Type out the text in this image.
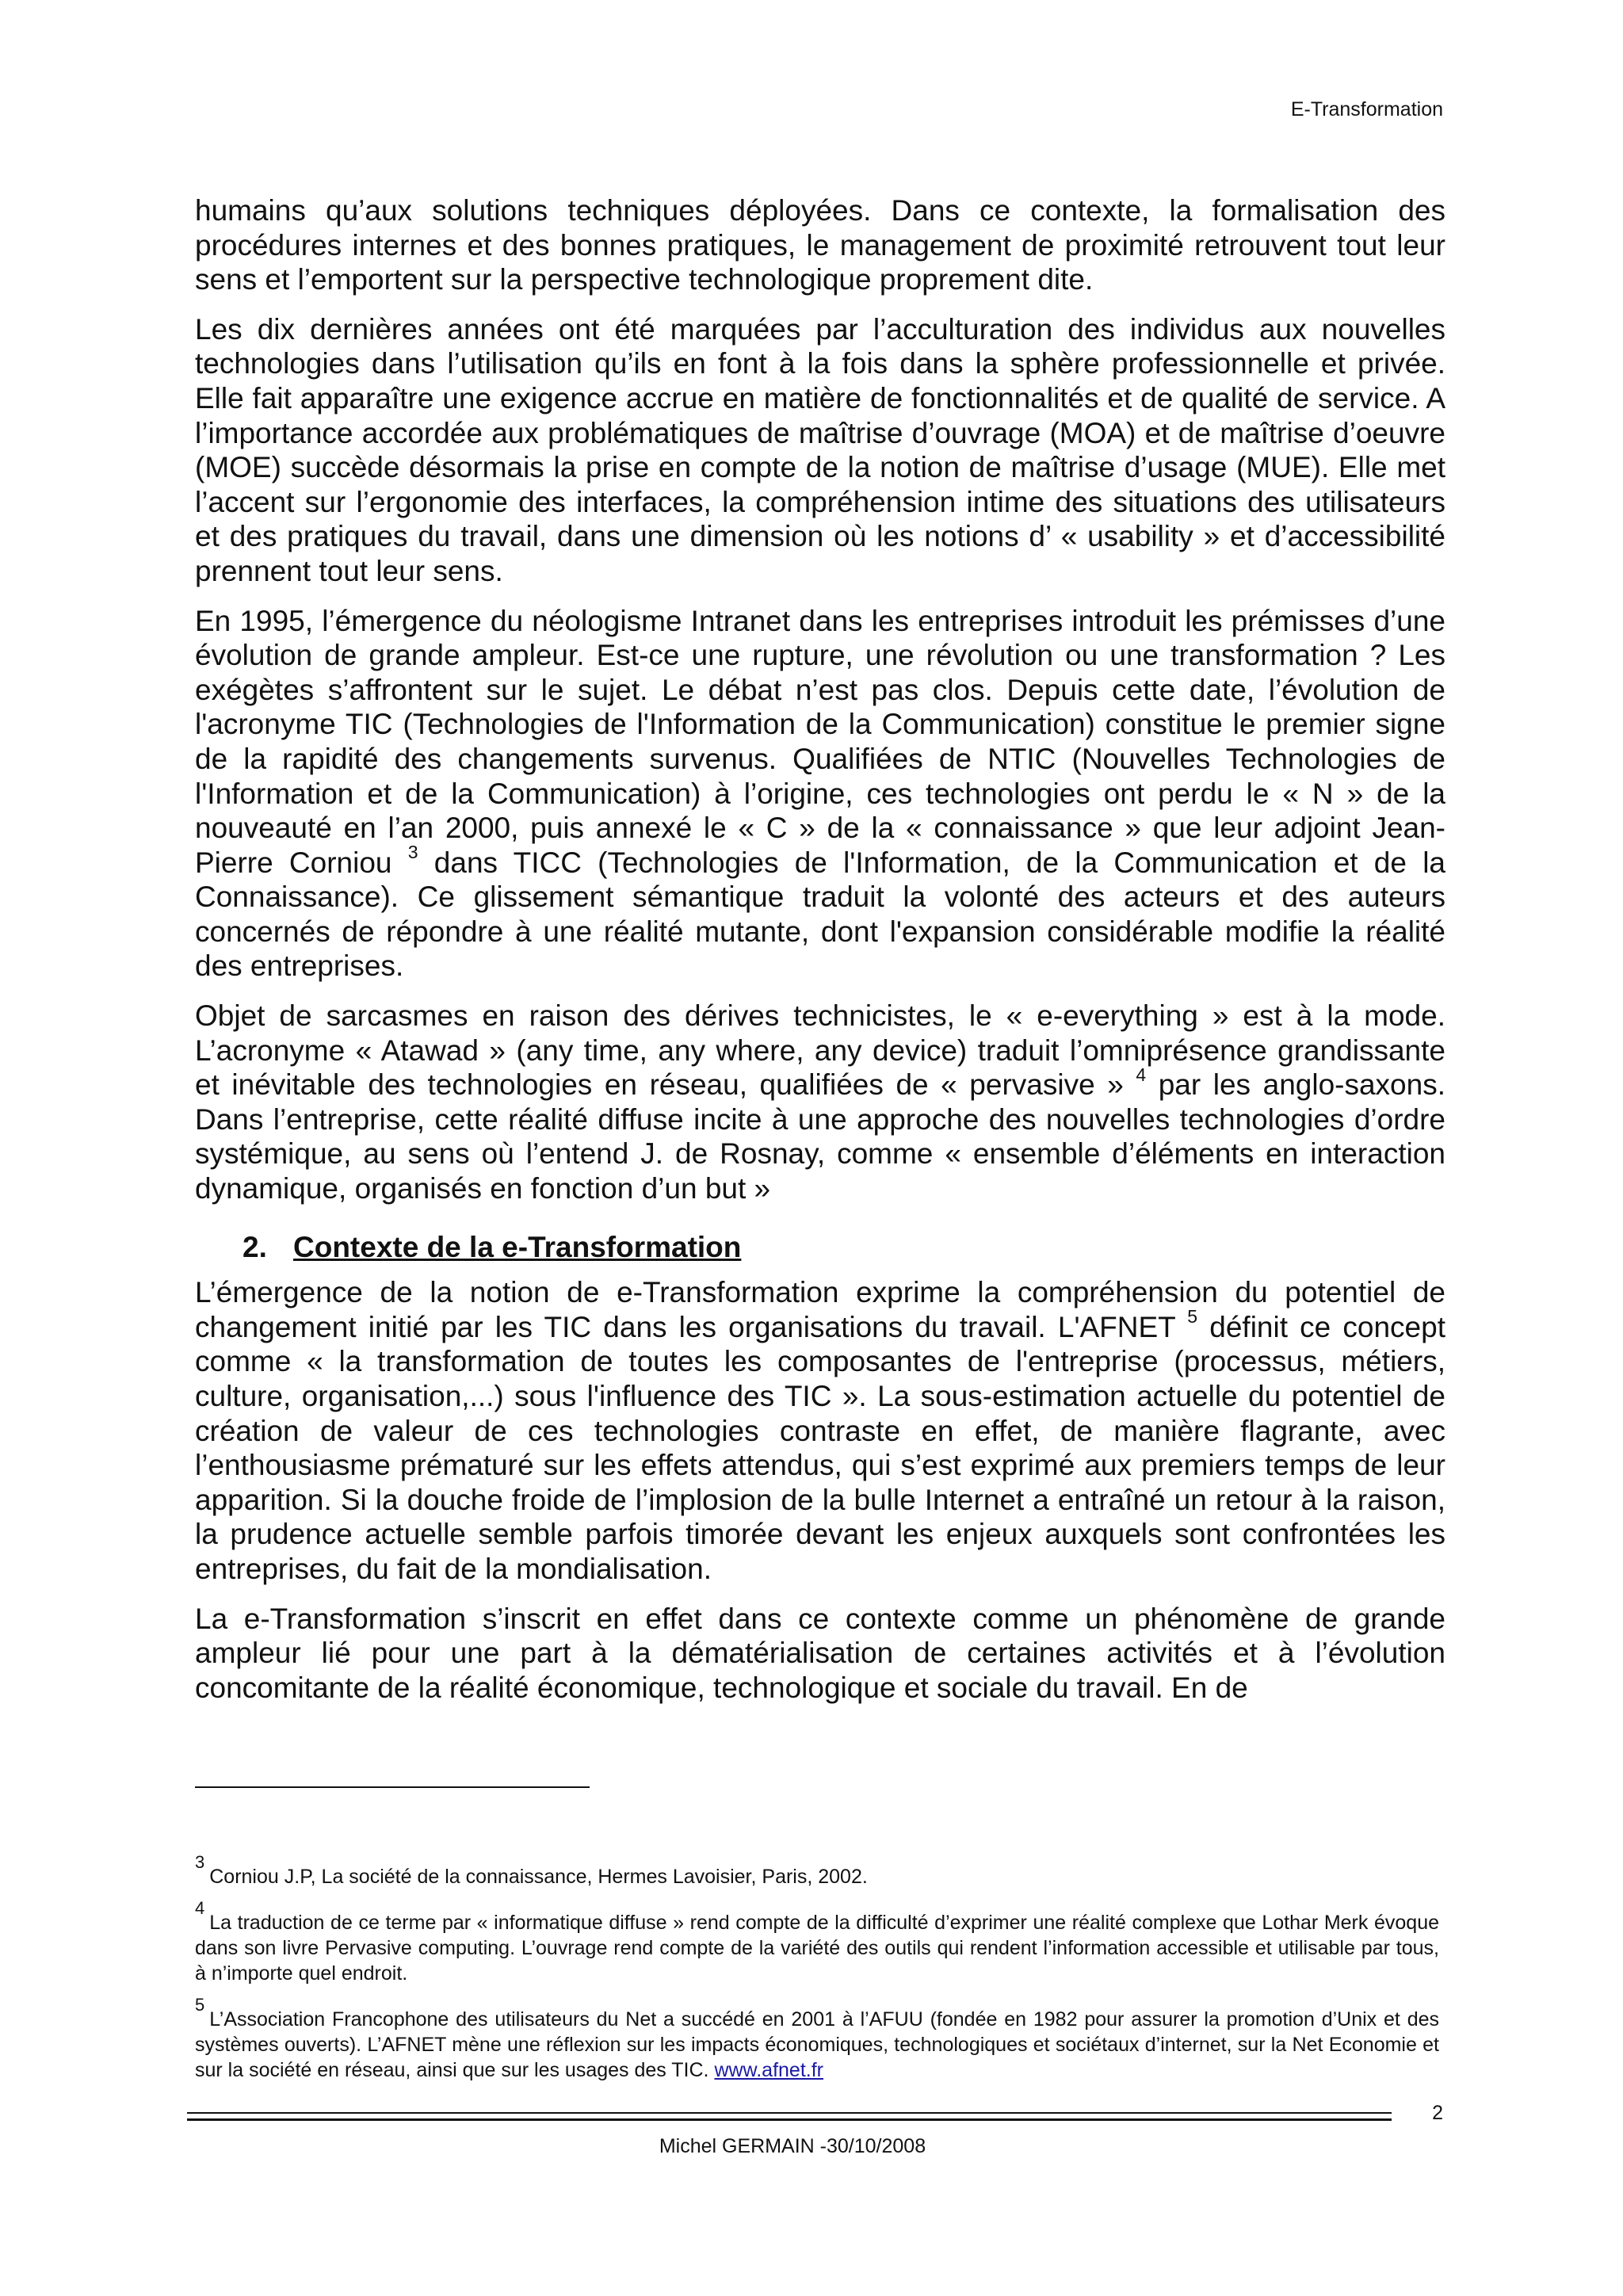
E-Transformation

humains qu’aux solutions techniques déployées. Dans ce contexte, la formalisation des procédures internes et des bonnes pratiques, le management de proximité retrouvent tout leur sens et l’emportent sur la perspective technologique proprement dite.

Les dix dernières années ont été marquées par l’acculturation des individus aux nouvelles technologies dans l’utilisation qu’ils en font à la fois dans la sphère professionnelle et privée. Elle fait apparaître une exigence accrue en matière de fonctionnalités et de qualité de service. A l’importance accordée aux problématiques de maîtrise d’ouvrage (MOA) et de maîtrise d’oeuvre (MOE) succède désormais la prise en compte de la notion de maîtrise d’usage (MUE). Elle met l’accent sur l’ergonomie des interfaces, la compréhension intime des situations des utilisateurs et des pratiques du travail, dans une dimension où les notions d’ « usability » et d’accessibilité prennent tout leur sens.

En 1995, l’émergence du néologisme Intranet dans les entreprises introduit les prémisses d’une évolution de grande ampleur. Est-ce une rupture, une révolution ou une transformation ? Les exégètes s’affrontent sur le sujet. Le débat n’est pas clos. Depuis cette date, l’évolution de l'acronyme TIC (Technologies de l'Information de la Communication) constitue le premier signe de la rapidité des changements survenus. Qualifiées de NTIC (Nouvelles Technologies de l'Information et de la Communication) à l’origine, ces technologies ont perdu le « N » de la nouveauté en l’an 2000, puis annexé le « C » de la « connaissance » que leur adjoint Jean-Pierre Corniou $^3$ dans TICC (Technologies de l'Information, de la Communication et de la Connaissance). Ce glissement sémantique traduit la volonté des acteurs et des auteurs concernés de répondre à une réalité mutante, dont l'expansion considérable modifie la réalité des entreprises.

Objet de sarcasmes en raison des dérives technicistes, le « e-everything » est à la mode. L’acronyme « Atawad » (any time, any where, any device) traduit l’omniprésence grandissante et inévitable des technologies en réseau, qualifiées de « pervasive » $^4$ par les anglo-saxons. Dans l’entreprise, cette réalité diffuse incite à une approche des nouvelles technologies d’ordre systémique, au sens où l’entend J. de Rosnay, comme « ensemble d’éléments en interaction dynamique, organisés en fonction d’un but »

2. Contexte de la e-Transformation

L’émergence de la notion de e-Transformation exprime la compréhension du potentiel de changement initié par les TIC dans les organisations du travail. L'AFNET $^5$ définit ce concept comme « la transformation de toutes les composantes de l'entreprise (processus, métiers, culture, organisation,...) sous l'influence des TIC ». La sous-estimation actuelle du potentiel de création de valeur de ces technologies contraste en effet, de manière flagrante, avec l’enthousiasme prématuré sur les effets attendus, qui s’est exprimé aux premiers temps de leur apparition. Si la douche froide de l’implosion de la bulle Internet a entraîné un retour à la raison, la prudence actuelle semble parfois timorée devant les enjeux auxquels sont confrontées les entreprises, du fait de la mondialisation.

La e-Transformation s’inscrit en effet dans ce contexte comme un phénomène de grande ampleur lié pour une part à la dématérialisation de certaines activités et à l’évolution concomitante de la réalité économique, technologique et sociale du travail. En de

$^3$Corniou J.P, La société de la connaissance, Hermes Lavoisier, Paris, 2002.

$^4$La traduction de ce terme par « informatique diffuse » rend compte de la difficulté d’exprimer une réalité complexe que Lothar Merk évoque dans son livre Pervasive computing. L’ouvrage rend compte de la variété des outils qui rendent l’information accessible et utilisable par tous, à n’importe quel endroit.

$^5$L’Association Francophone des utilisateurs du Net a succédé en 2001 à l’AFUU (fondée en 1982 pour assurer la promotion d’Unix et des systèmes ouverts). L’AFNET mène une réflexion sur les impacts économiques, technologiques et sociétaux d’internet, sur la Net Economie et sur la société en réseau, ainsi que sur les usages des TIC. www.afnet.fr

2
Michel GERMAIN -30/10/2008
